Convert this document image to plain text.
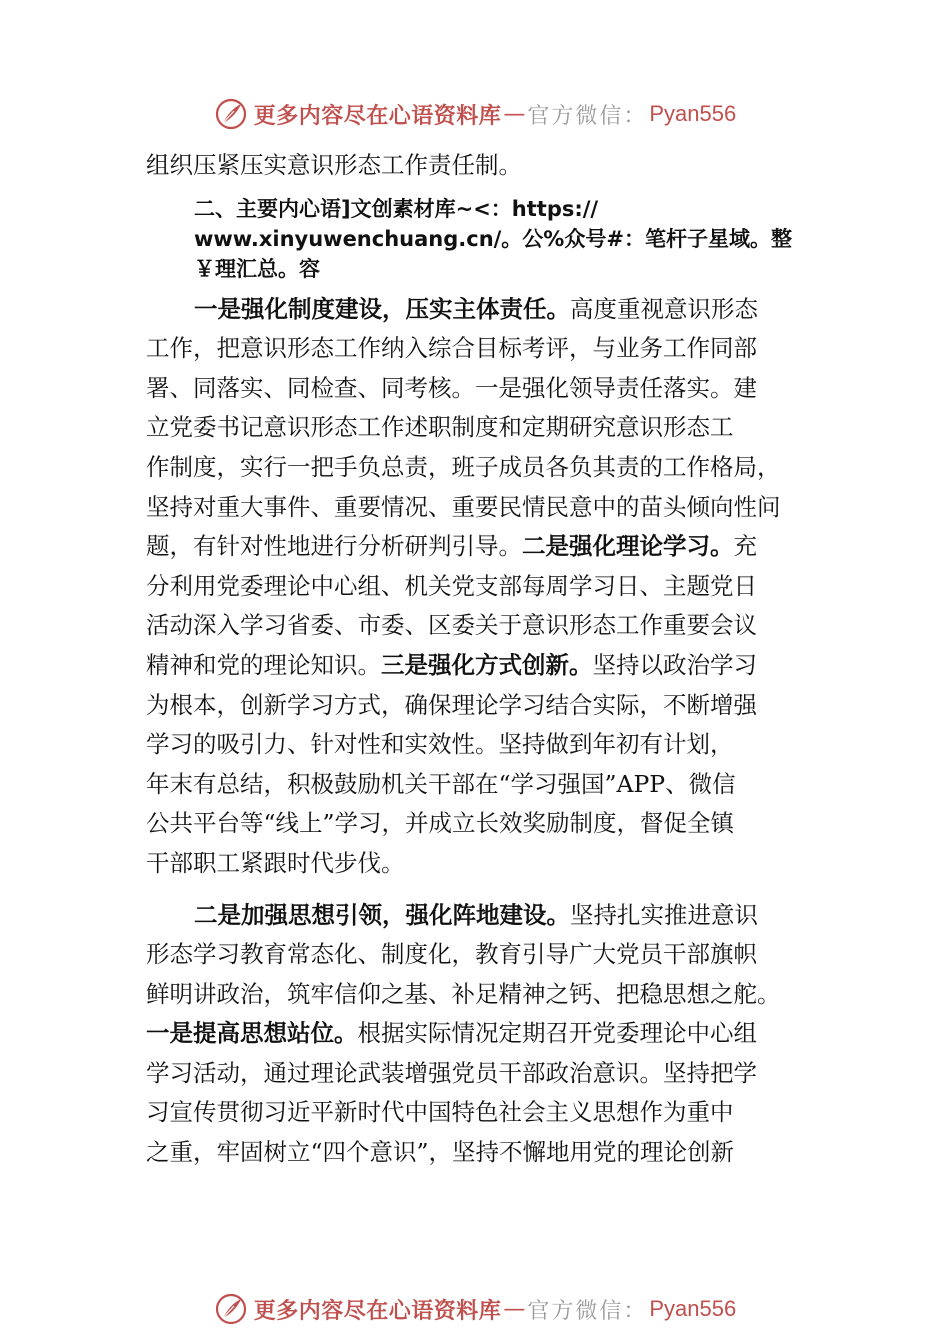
更多内容尽在心语资料库 — 官方微信： Pyan556
组织压紧压实意识形态工作责任制。
二、主要内心语]文创素材库~<：https://
www.xinyuwenchuang.cn/。公%众号#：笔杆子星域。整
￥理汇总。容
一是强化制度建设，压实主体责任。高度重视意识形态
工作，把意识形态工作纳入综合目标考评，与业务工作同部
署、同落实、同检查、同考核。一是强化领导责任落实。建
立党委书记意识形态工作述职制度和定期研究意识形态工
作制度，实行一把手负总责，班子成员各负其责的工作格局，
坚持对重大事件、重要情况、重要民情民意中的苗头倾向性问
题，有针对性地进行分析研判引导。二是强化理论学习。充
分利用党委理论中心组、机关党支部每周学习日、主题党日
活动深入学习省委、市委、区委关于意识形态工作重要会议
精神和党的理论知识。三是强化方式创新。坚持以政治学习
为根本，创新学习方式，确保理论学习结合实际，不断增强
学习的吸引力、针对性和实效性。坚持做到年初有计划，
年末有总结，积极鼓励机关干部在“学习强国”APP、微信
公共平台等“线上”学习，并成立长效奖励制度，督促全镇
干部职工紧跟时代步伐。
二是加强思想引领，强化阵地建设。坚持扎实推进意识
形态学习教育常态化、制度化，教育引导广大党员干部旗帜
鲜明讲政治，筑牢信仰之基、补足精神之钙、把稳思想之舵。
一是提高思想站位。根据实际情况定期召开党委理论中心组
学习活动，通过理论武装增强党员干部政治意识。坚持把学
习宣传贯彻习近平新时代中国特色社会主义思想作为重中
之重，牢固树立“四个意识”，坚持不懈地用党的理论创新
更多内容尽在心语资料库 — 官方微信： Pyan556
